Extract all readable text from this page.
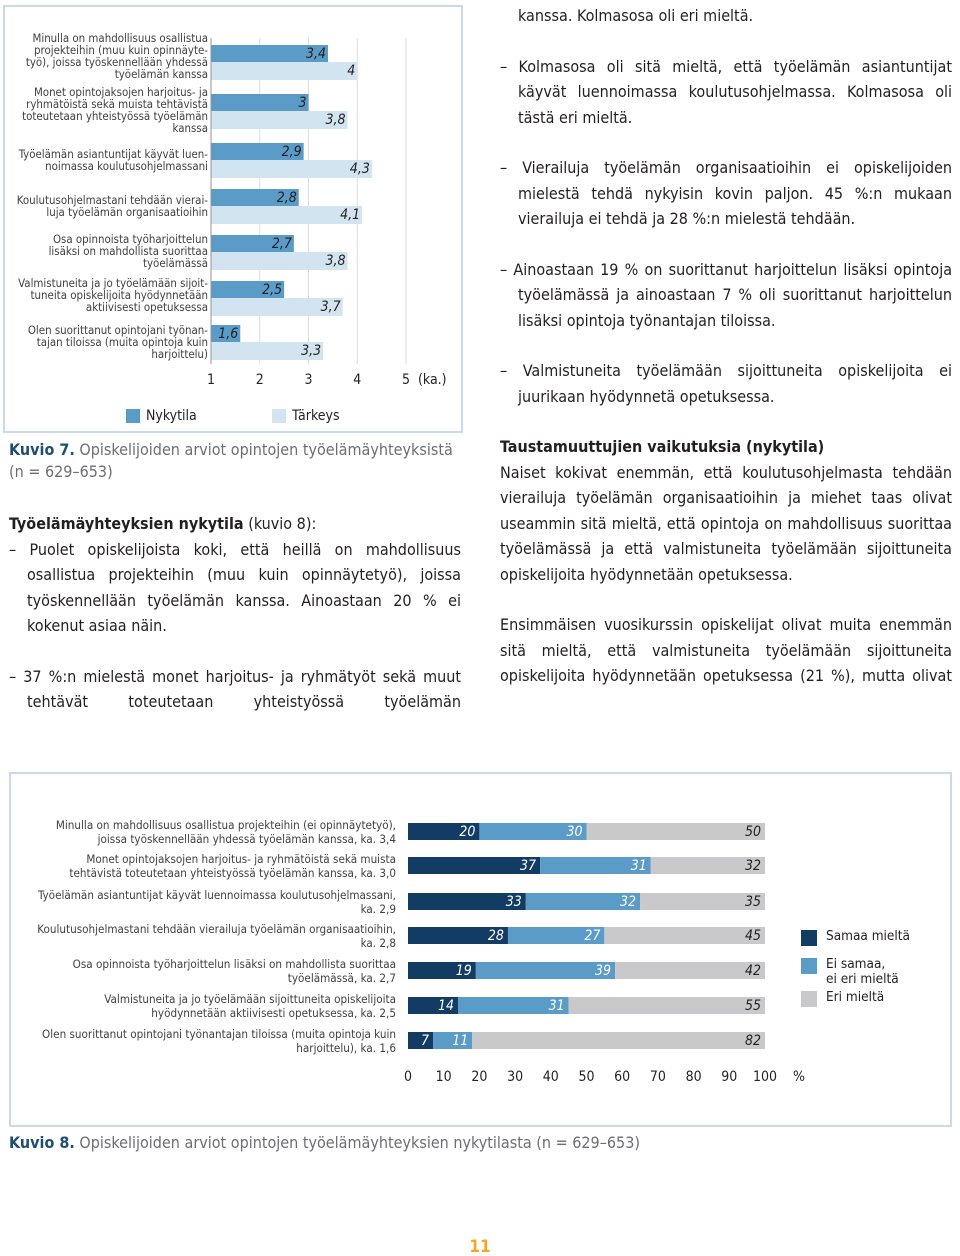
(ka.)
Nykytila	Tärkeys
Kuvio 7. Opiskelijoiden arviot opintojen työelämäyhteyksistä (n = 629–653)
Työelämäyhteyksien nykytila (kuvio 8):
– Puolet opiskelijoista koki, että heillä on mahdollisuus osallistua projekteihin (muu kuin opinnäytetyö), joissa työskennellään työelämän kanssa. Ainoastaan 20 % ei kokenut asiaa näin.
– 37 %:n mielestä monet harjoitus- ja ryhmätyöt sekä muut tehtävät toteutetaan yhteistyössä työelämän
kanssa. Kolmasosa oli eri mieltä.
– Kolmasosa oli sitä mieltä, että työelämän asiantuntijat käyvät luennoimassa koulutusohjelmassa. Kolmasosa oli tästä eri mieltä.
– Vierailuja työelämän organisaatioihin ei opiskelijoiden mielestä tehdä nykyisin kovin paljon. 45 %:n mukaan vierailuja ei tehdä ja 28 %:n mielestä tehdään.
– Ainoastaan 19 % on suorittanut harjoittelun lisäksi opintoja työelämässä ja ainoastaan 7 % oli suorittanut harjoittelun lisäksi opintoja työnantajan tiloissa.
– Valmistuneita työelämään sijoittuneita opiskelijoita ei juurikaan hyödynnetä opetuksessa.
Taustamuuttujien vaikutuksia (nykytila)
Naiset kokivat enemmän, että koulutusohjelmasta tehdään vierailuja työelämän organisaatioihin ja miehet taas olivat useammin sitä mieltä, että opintoja on mahdollisuus suorittaa työelämässä ja että valmistuneita työelämään sijoittuneita opiskelijoita hyödynnetään opetuksessa.
Ensimmäisen vuosikurssin opiskelijat olivat muita enemmän sitä mieltä, että valmistuneita työelämään sijoittuneita opiskelijoita hyödynnetään opetuksessa (21 %), mutta olivat
%
Kuvio 8. Opiskelijoiden arviot opintojen työelämäyhteyksien nykytilasta (n = 629–653)
11
1	2	3	4	5
Minulla on mahdollisuus osallistua
projekteihin (muu kuin opinnäyte-
työ), joissa työskennellään yhdessä
työelämän kanssa
3,4
4
Monet opintojaksojen harjoitus- ja
ryhmätöistä sekä muista tehtävistä
toteutetaan yhteistyössä työelämän
kanssa
3
3,8
Työelämän asiantuntijat käyvät luen-
noimassa koulutusohjelmassani
2,9
4,3
Koulutusohjelmastani tehdään vierai-
luja työelämän organisaatioihin
2,8
4,1
Osa opinnoista työharjoittelun
lisäksi on mahdollista suorittaa
työelämässä
2,7
3,8
Valmistuneita ja jo työelämään sijoit-
tuneita opiskelijoita hyödynnetään
aktiivisesti opetuksessa
2,5
3,7
Olen suorittanut opintojani työnan-
tajan tiloissa (muita opintoja kuin
harjoittelu)
1,6
3,3
0	10	20	30	40	50	60	70	80	90	100
Minulla on mahdollisuus osallistua projekteihin (ei opinnäytetyö),
joissa työskennellään yhdessä työelämän kanssa, ka. 3,4	20	30	50
Monet opintojaksojen harjoitus- ja ryhmätöistä sekä muista
tehtävistä toteutetaan yhteistyössä työelämän kanssa, ka. 3,0	37	31	32
Työelämän asiantuntijat käyvät luennoimassa koulutusohjelmassani,
ka. 2,9	33	32	35
Koulutusohjelmastani tehdään vierailuja työelämän organisaatioihin,
ka. 2,8	28	27	45
Osa opinnoista työharjoittelun lisäksi on mahdollista suorittaa
työelämässä, ka. 2,7	19	39	42
Valmistuneita ja jo työelämään sijoittuneita opiskelijoita
hyödynnetään aktiivisesti opetuksessa, ka. 2,5	14	31	55
Olen suorittanut opintojani työnantajan tiloissa (muita opintoja kuin
harjoittelu), ka. 1,6	7	11	82
Samaa mieltä
Ei samaa,
ei eri mieltä
Eri mieltä
